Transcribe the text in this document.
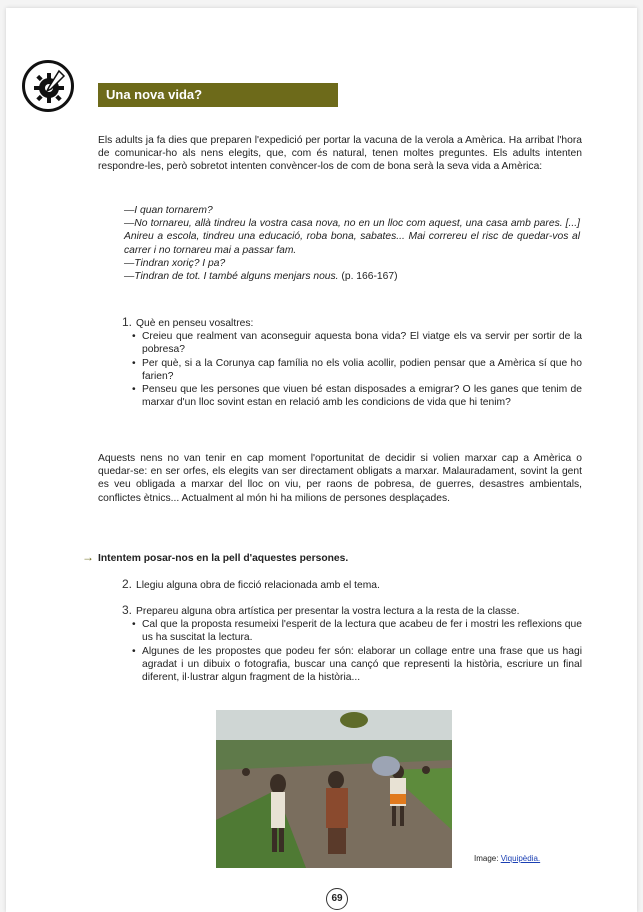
Una nova vida?
Els adults ja fa dies que preparen l'expedició per portar la vacuna de la verola a Amèrica. Ha arribat l'hora de comunicar-ho als nens elegits, que, com és natural, tenen moltes preguntes. Els adults intenten respondre-les, però sobretot intenten convèncer-los de com de bona serà la seva vida a Amèrica:

—I quan tornarem?

—No tornareu, allà tindreu la vostra casa nova, no en un lloc com aquest, una casa amb pares. [...] Anireu a escola, tindreu una educació, roba bona, sabates... Mai correreu el risc de quedar-vos al carrer i no tornareu mai a passar fam.

—Tindran xoriç? I pa?

—Tindran de tot. I també alguns menjars nous. (p. 166-167)

1. Què en penseu vosaltres:
• Creieu que realment van aconseguir aquesta bona vida? El viatge els va servir per sortir de la pobresa?
• Per què, si a la Corunya cap família no els volia acollir, podien pensar que a Amèrica sí que ho farien?
• Penseu que les persones que viuen bé estan disposades a emigrar? O les ganes que tenim de marxar d'un lloc sovint estan en relació amb les condicions de vida que hi tenim?
Aquests nens no van tenir en cap moment l'oportunitat de decidir si volien marxar cap a Amèrica o quedar-se: en ser orfes, els elegits van ser directament obligats a marxar. Malauradament, sovint la gent es veu obligada a marxar del lloc on viu, per raons de pobresa, de guerres, desastres ambientals, conflictes ètnics... Actualment al món hi ha milions de persones desplaçades.
→ Intentem posar-nos en la pell d'aquestes persones.
2. Llegiu alguna obra de ficció relacionada amb el tema.
3. Prepareu alguna obra artística per presentar la vostra lectura a la resta de la classe.
• Cal que la proposta resumeixi l'esperit de la lectura que acabeu de fer i mostri les reflexions que us ha suscitat la lectura.
• Algunes de les propostes que podeu fer són: elaborar un collage entre una frase que us hagi agradat i un dibuix o fotografia, buscar una cançó que representi la història, escriure un final diferent, il·lustrar algun fragment de la història...
Image: Viquipèdia.
69
